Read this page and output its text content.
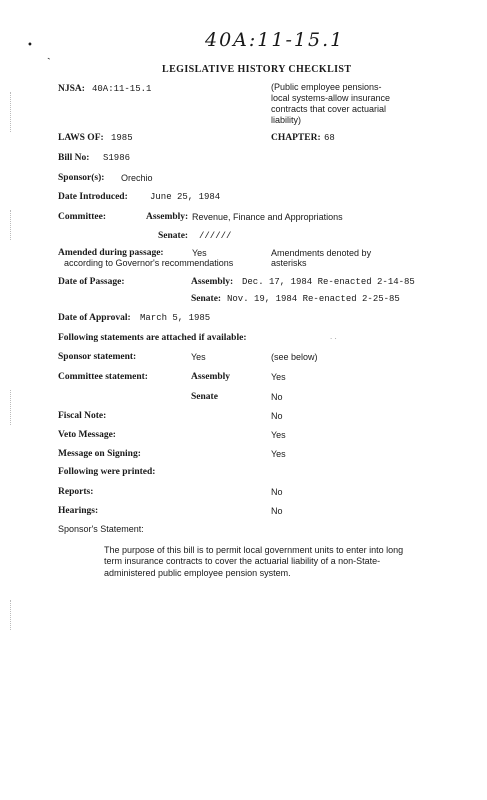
•
‐
40A:11-15.1
LEGISLATIVE HISTORY CHECKLIST
NJSA: 40A:11-15.1	(Public employee pensions-
local systems-allow insurance
contracts that cover actuarial
liability)
LAWS OF: 1985	CHAPTER: 68
Bill No: S1986
Sponsor(s): Orechio
Date Introduced: June 25, 1984
Committee:	Assembly: Revenue, Finance and Appropriations
Senate: //////
Amended during passage:	Yes	Amendments denoted by
according to Governor's recommendations	asterisks
Date of Passage:	Assembly: Dec. 17, 1984 Re-enacted 2-14-85
Senate: Nov. 19, 1984 Re-enacted 2-25-85
Date of Approval: March 5, 1985
Following statements are attached if available:	· ·
Sponsor statement:	Yes	(see below)
Committee statement:	Assembly	Yes
Senate	No
Fiscal Note:	No
Veto Message:	Yes
Message on Signing:	Yes
Following were printed:
Reports:	No
Hearings:	No
Sponsor's Statement:
The purpose of this bill is to permit local government units to enter into long term insurance contracts to cover the actuarial liability of a non-State-administered public employee pension system.
